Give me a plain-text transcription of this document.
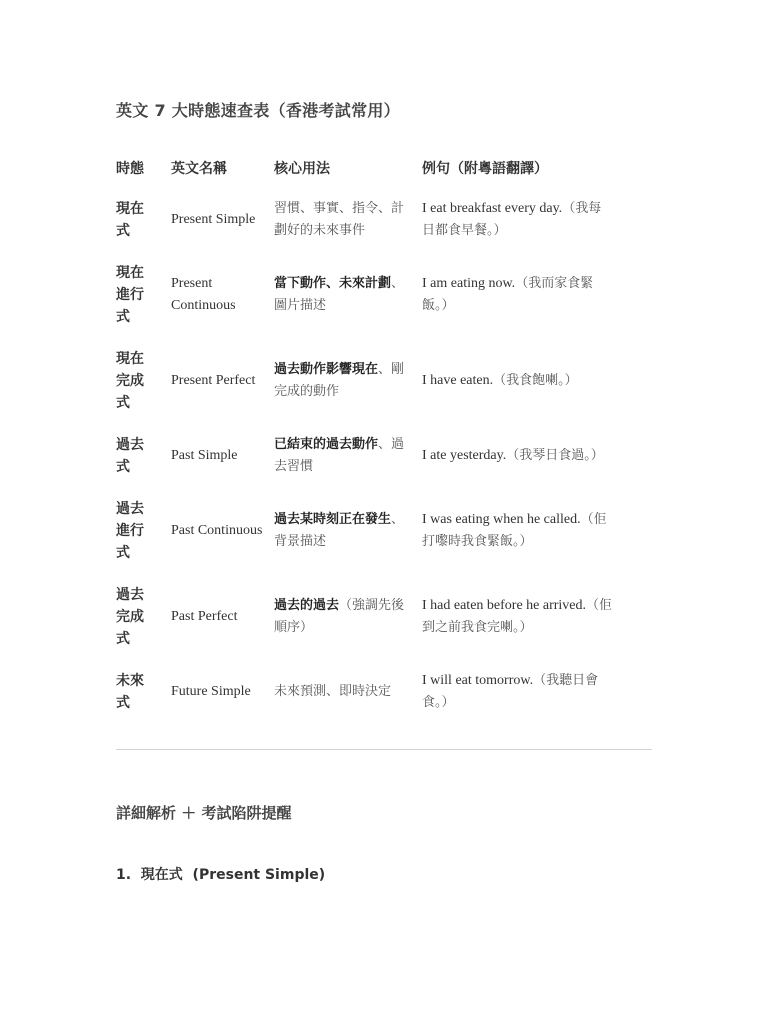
英文 7 大時態速查表（香港考試常用）
時態	英文名稱	核心用法	例句（附粵語翻譯）

現在式	Present Simple	習慣、事實、指令、計劃好的未來事件	I eat breakfast every day.（我每日都食早餐。）

現在進行式	Present Continuous	當下動作、未來計劃、圖片描述	I am eating now.（我而家食緊飯。）

現在完成式	Present Perfect	過去動作影響現在、剛完成的動作	I have eaten.（我食飽喇。）

過去式	Past Simple	已結束的過去動作、過去習慣	I ate yesterday.（我琴日食過。）

過去進行式	Past Continuous	過去某時刻正在發生、背景描述	I was eating when he called.（佢打嚟時我食緊飯。）

過去完成式	Past Perfect	過去的過去（強調先後順序）	I had eaten before he arrived.（佢到之前我食完喇。）

未來式	Future Simple	未來預測、即時決定	I will eat tomorrow.（我聽日會食。）
詳細解析 ＋ 考試陷阱提醒
1.  現在式  (Present Simple)
